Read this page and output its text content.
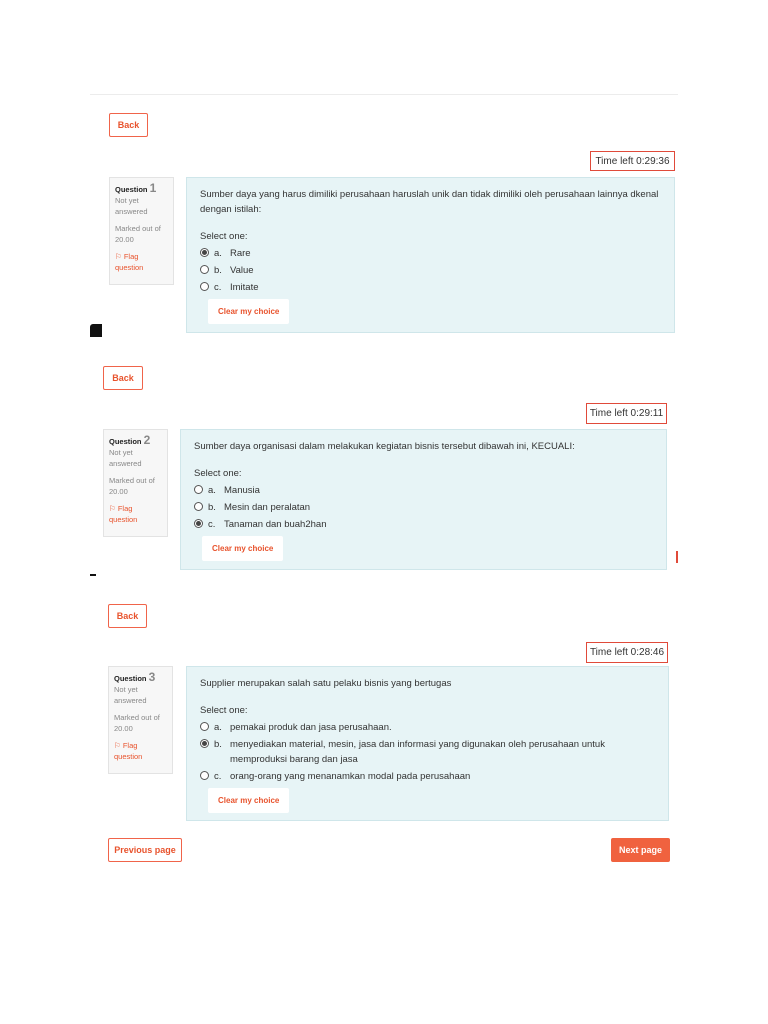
Back
Time left 0:29:36
Question 1
Not yet answered
Marked out of
20.00
⚐ Flag question
Sumber daya yang harus dimiliki perusahaan haruslah unik dan tidak dimiliki oleh perusahaan lainnya dkenal dengan istilah:
Select one:
a. Rare
b. Value
c. Imitate
Clear my choice
Back
Time left 0:29:11
Question 2
Not yet answered
Marked out of
20.00
⚐ Flag question
Sumber daya organisasi dalam melakukan kegiatan bisnis tersebut dibawah ini, KECUALI:
Select one:
a. Manusia
b. Mesin dan peralatan
c. Tanaman dan buah2han
Clear my choice
Back
Time left 0:28:46
Question 3
Not yet answered
Marked out of
20.00
⚐ Flag question
Supplier merupakan salah satu pelaku bisnis yang bertugas
Select one:
a. pemakai produk dan jasa perusahaan.
b. menyediakan material, mesin, jasa dan informasi yang digunakan oleh perusahaan untuk memproduksi barang dan jasa
c. orang-orang yang menanamkan modal pada perusahaan
Clear my choice
Previous page	Next page
